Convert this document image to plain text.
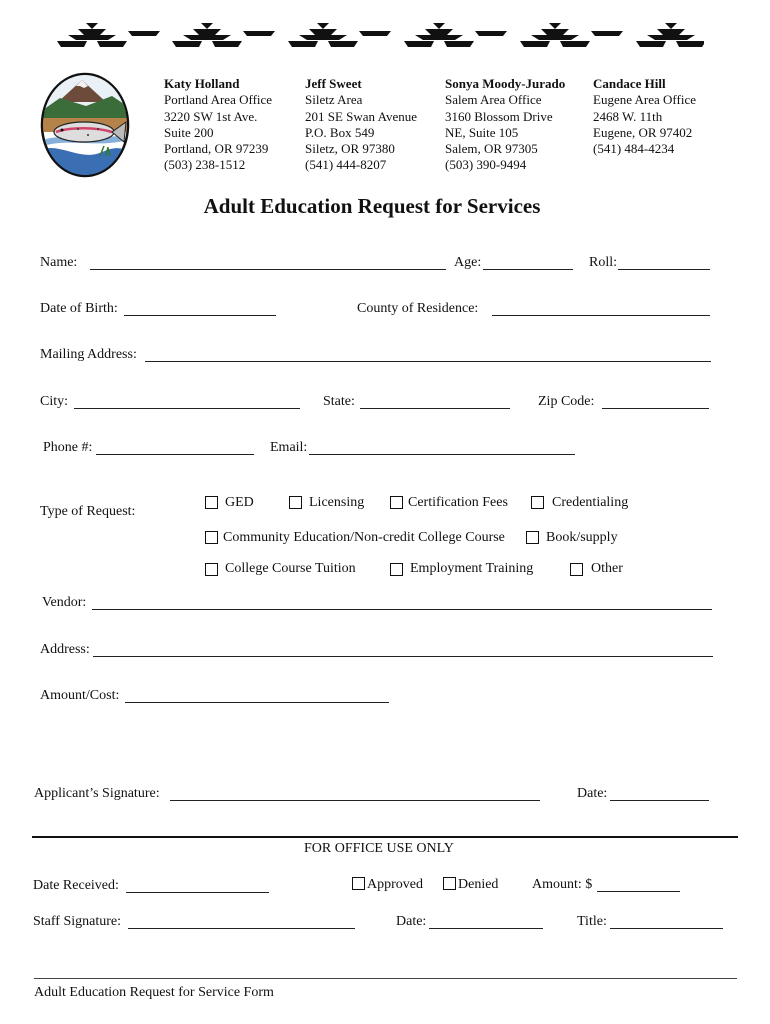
Katy Holland
Portland Area Office
3220 SW 1st Ave.
Suite 200
Portland, OR 97239
(503) 238-1512
Jeff Sweet
Siletz Area
201 SE Swan Avenue
P.O. Box 549
Siletz, OR 97380
(541) 444-8207
Sonya Moody-Jurado
Salem Area Office
3160 Blossom Drive
NE, Suite 105
Salem, OR 97305
(503) 390-9494
Candace Hill
Eugene Area Office
2468 W. 11th
Eugene, OR 97402
(541) 484-4234
Adult Education Request for Services
Name:	Age:	Roll:
Date of Birth:	County of Residence:
Mailing Address:
City:	State:	Zip Code:
Phone #:	Email:
Type of Request:
GED	Licensing	Certification Fees	Credentialing
Community Education/Non-credit College Course	Book/supply
College Course Tuition	Employment Training	Other
Vendor:
Address:
Amount/Cost:
Applicant’s Signature:	Date:
FOR OFFICE USE ONLY
Date Received:	Approved	Denied Amount: $
Staff Signature:	Date:	Title:
Adult Education Request for Service Form
